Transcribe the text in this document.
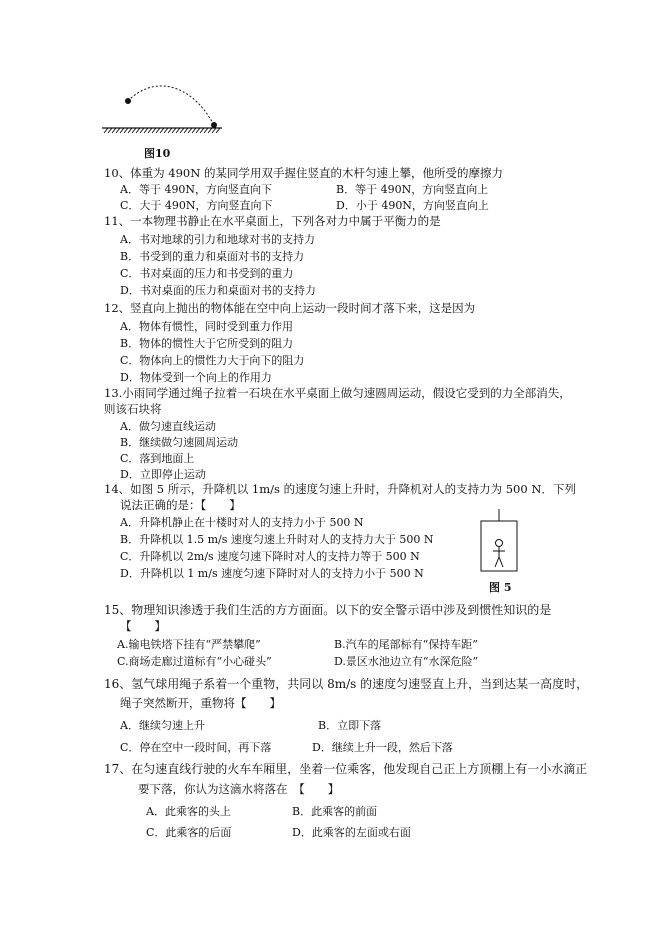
图10
10、体重为 490N 的某同学用双手握住竖直的木杆匀速上攀，他所受的摩擦力
A．等于 490N，方向竖直向下	B．等于 490N，方向竖直向上
C．大于 490N，方向竖直向下	D．小于 490N，方向竖直向上
11、一本物理书静止在水平桌面上，下列各对力中属于平衡力的是
A．书对地球的引力和地球对书的支持力
B．书受到的重力和桌面对书的支持力
C．书对桌面的压力和书受到的重力
D．书对桌面的压力和桌面对书的支持力
12、竖直向上抛出的物体能在空中向上运动一段时间才落下来，这是因为
A．物体有惯性，同时受到重力作用
B．物体的惯性大于它所受到的阻力
C．物体向上的惯性力大于向下的阻力
D．物体受到一个向上的作用力
13.小雨同学通过绳子拉着一石块在水平桌面上做匀速圆周运动，假设它受到的力全部消失，
则该石块将
A．做匀速直线运动
B．继续做匀速圆周运动
C．落到地面上
D．立即停止运动
14、如图 5 所示，升降机以 1m/s 的速度匀速上升时，升降机对人的支持力为 500 N．下列
说法正确的是：【　　】
A．升降机静止在十楼时对人的支持力小于 500 N
B．升降机以 1.5 m/s 速度匀速上升时对人的支持力大于 500 N
C．升降机以 2m/s 速度匀速下降时对人的支持力等于 500 N
D．升降机以 1 m/s 速度匀速下降时对人的支持力小于 500 N
图 5
15、物理知识渗透于我们生活的方方面面。以下的安全警示语中涉及到惯性知识的是
【　　】
A.输电铁塔下挂有“严禁攀爬”	B.汽车的尾部标有“保持车距”
C.商场走廊过道标有“小心碰头”	D.景区水池边立有“水深危险”
16、氢气球用绳子系着一个重物，共同以 8m/s 的速度匀速竖直上升，当到达某一高度时，
绳子突然断开，重物将【　　】
A．继续匀速上升	B．立即下落
C．停在空中一段时间，再下落	D．继续上升一段，然后下落
17、在匀速直线行驶的火车车厢里，坐着一位乘客，他发现自己正上方顶棚上有一小水滴正
要下落，你认为这滴水将落在　【　　】
A．此乘客的头上	B．此乘客的前面
C．此乘客的后面	D．此乘客的左面或右面
